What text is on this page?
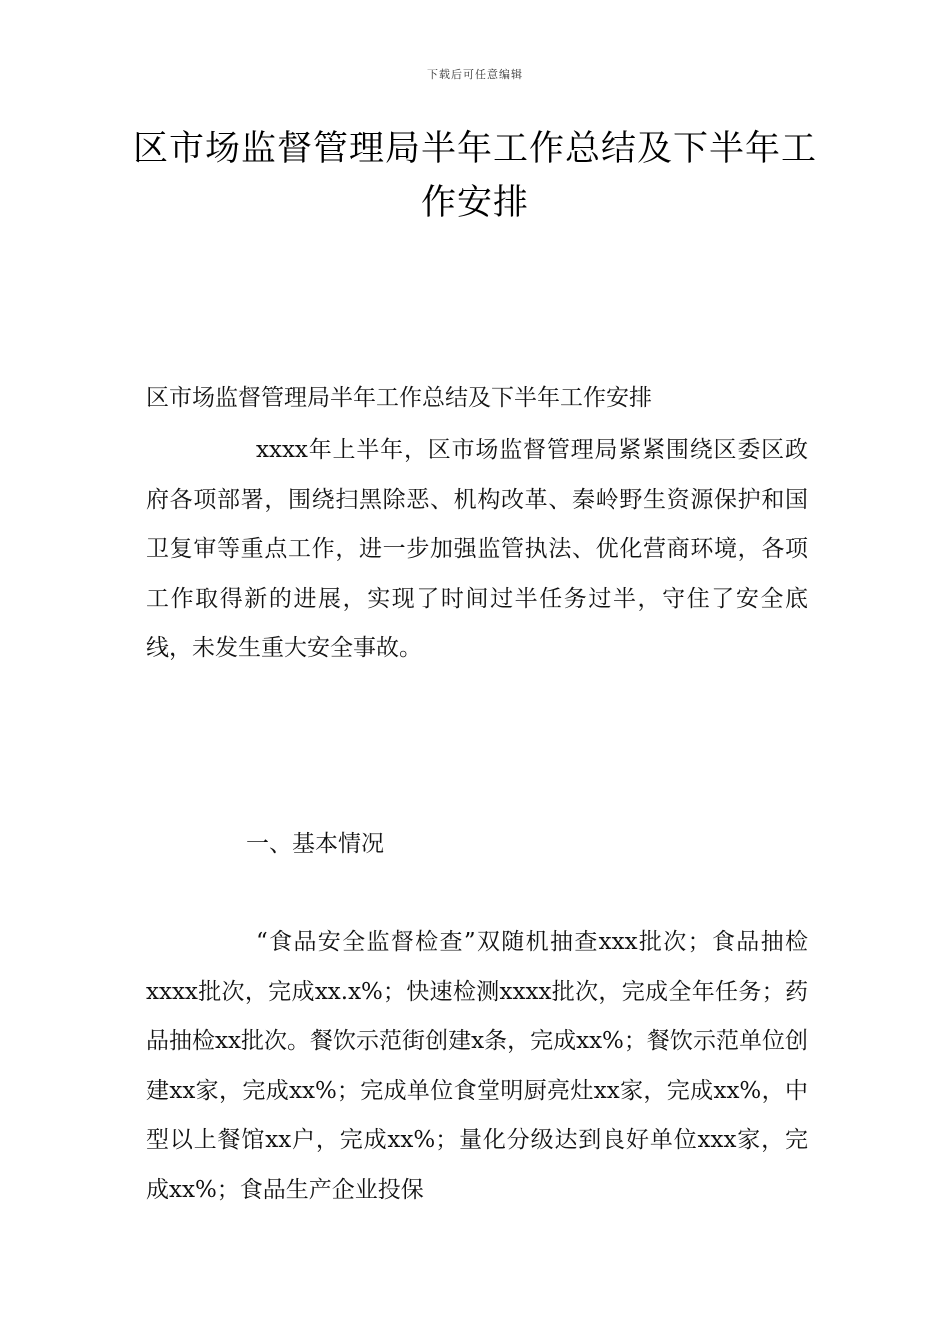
下载后可任意编辑
区市场监督管理局半年工作总结及下半年工作安排
区市场监督管理局半年工作总结及下半年工作安排

xxxx年上半年，区市场监督管理局紧紧围绕区委区政府各项部署，围绕扫黑除恶、机构改革、秦岭野生资源保护和国卫复审等重点工作，进一步加强监管执法、优化营商环境，各项工作取得新的进展，实现了时间过半任务过半，守住了安全底线，未发生重大安全事故。

一、基本情况

“食品安全监督检查”双随机抽查xxx批次；食品抽检xxxx批次，完成xx.x%；快速检测xxxx批次，完成全年任务；药品抽检xx批次。餐饮示范街创建x条，完成xx%；餐饮示范单位创建xx家，完成xx%；完成单位食堂明厨亮灶xx家，完成xx%，中型以上餐馆xx户，完成xx%；量化分级达到良好单位xxx家，完成xx%；食品生产企业投保
